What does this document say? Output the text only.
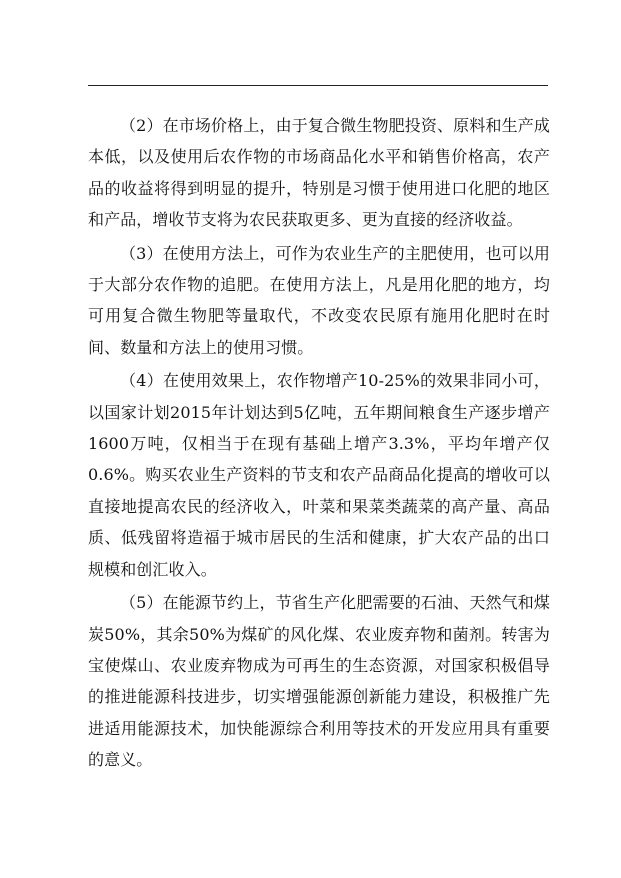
（2）在市场价格上，由于复合微生物肥投资、原料和生产成本低，以及使用后农作物的市场商品化水平和销售价格高，农产品的收益将得到明显的提升，特别是习惯于使用进口化肥的地区和产品，增收节支将为农民获取更多、更为直接的经济收益。

（3）在使用方法上，可作为农业生产的主肥使用，也可以用于大部分农作物的追肥。在使用方法上，凡是用化肥的地方，均可用复合微生物肥等量取代，不改变农民原有施用化肥时在时间、数量和方法上的使用习惯。

（4）在使用效果上，农作物增产10-25%的效果非同小可，以国家计划2015年计划达到5亿吨，五年期间粮食生产逐步增产1600万吨，仅相当于在现有基础上增产3.3%，平均年增产仅0.6%。购买农业生产资料的节支和农产品商品化提高的增收可以直接地提高农民的经济收入，叶菜和果菜类蔬菜的高产量、高品质、低残留将造福于城市居民的生活和健康，扩大农产品的出口规模和创汇收入。

（5）在能源节约上，节省生产化肥需要的石油、天然气和煤炭50%，其余50%为煤矿的风化煤、农业废弃物和菌剂。转害为宝使煤山、农业废弃物成为可再生的生态资源，对国家积极倡导的推进能源科技进步，切实增强能源创新能力建设，积极推广先进适用能源技术，加快能源综合利用等技术的开发应用具有重要的意义。
